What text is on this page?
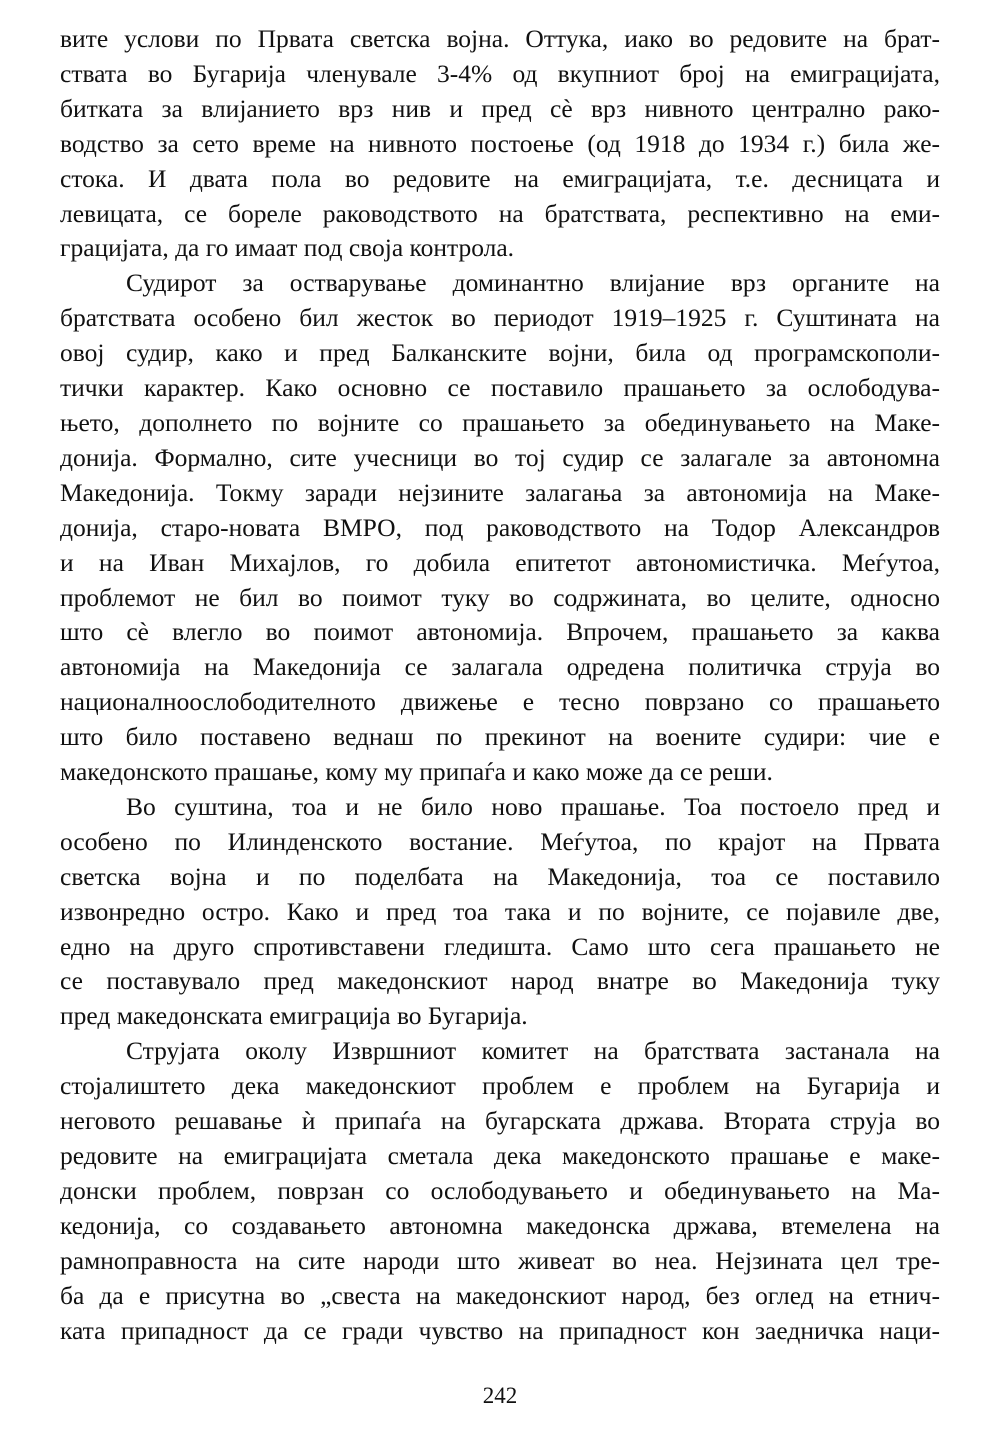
вите услови по Првата светска војна. Оттука, иако во редовите на брат-
ствата во Бугарија членувале 3-4% од вкупниот број на емиграцијата,
битката за влијанието врз нив и пред сè врз нивното централно рако-
водство за сето време на нивното постоење (од 1918 до 1934 г.) била же-
стока. И двата пола во редовите на емиграцијата, т.е. десницата и
левицата, се бореле раководството на братствата, респективно на еми-
грацијата, да го имаат под своја контрола.
Судирот за остварување доминантно влијание врз органите на
братствата особено бил жесток во периодот 1919–1925 г. Суштината на
овој судир, како и пред Балканските војни, била од програмскополи-
тички карактер. Како основно се поставило прашањето за ослободува-
њето, дополнето по војните со прашањето за обединувањето на Маке-
донија. Формално, сите учесници во тој судир се залагале за автономна
Македонија. Токму заради нејзините залагања за автономија на Маке-
донија, старо-новата ВМРО, под раководството на Тодор Александров
и на Иван Михајлов, го добила епитетот автономистичка. Меѓутоа,
проблемот не бил во поимот туку во содржината, во целите, односно
што сè влегло во поимот автономија. Впрочем, прашањето за каква
автономија на Македонија се залагала одредена политичка струја во
националноослободителното движење е тесно поврзано со прашањето
што било поставено веднаш по прекинот на воените судири: чие е
македонското прашање, кому му припаѓа и како може да се реши.
Во суштина, тоа и не било ново прашање. Тоа постоело пред и
особено по Илинденското востание. Меѓутоа, по крајот на Првата
светска војна и по поделбата на Македонија, тоа се поставило
извонредно остро. Како и пред тоа така и по војните, се појавиле две,
едно на друго спротивставени гледишта. Само што сега прашањето не
се поставувало пред македонскиот народ внатре во Македонија туку
пред македонската емиграција во Бугарија.
Струјата околу Извршниот комитет на братствата застанала на
стојалиштето дека македонскиот проблем е проблем на Бугарија и
неговото решавање ѝ припаѓа на бугарската држава. Втората струја во
редовите на емиграцијата сметала дека македонското прашање е маке-
донски проблем, поврзан со ослободувањето и обединувањето на Ма-
кедонија, со создавањето автономна македонска држава, втемелена на
рамноправноста на сите народи што живеат во неа. Нејзината цел тре-
ба да е присутна во „свеста на македонскиот народ, без оглед на етнич-
ката припадност да се гради чувство на припадност кон заедничка наци-
242
